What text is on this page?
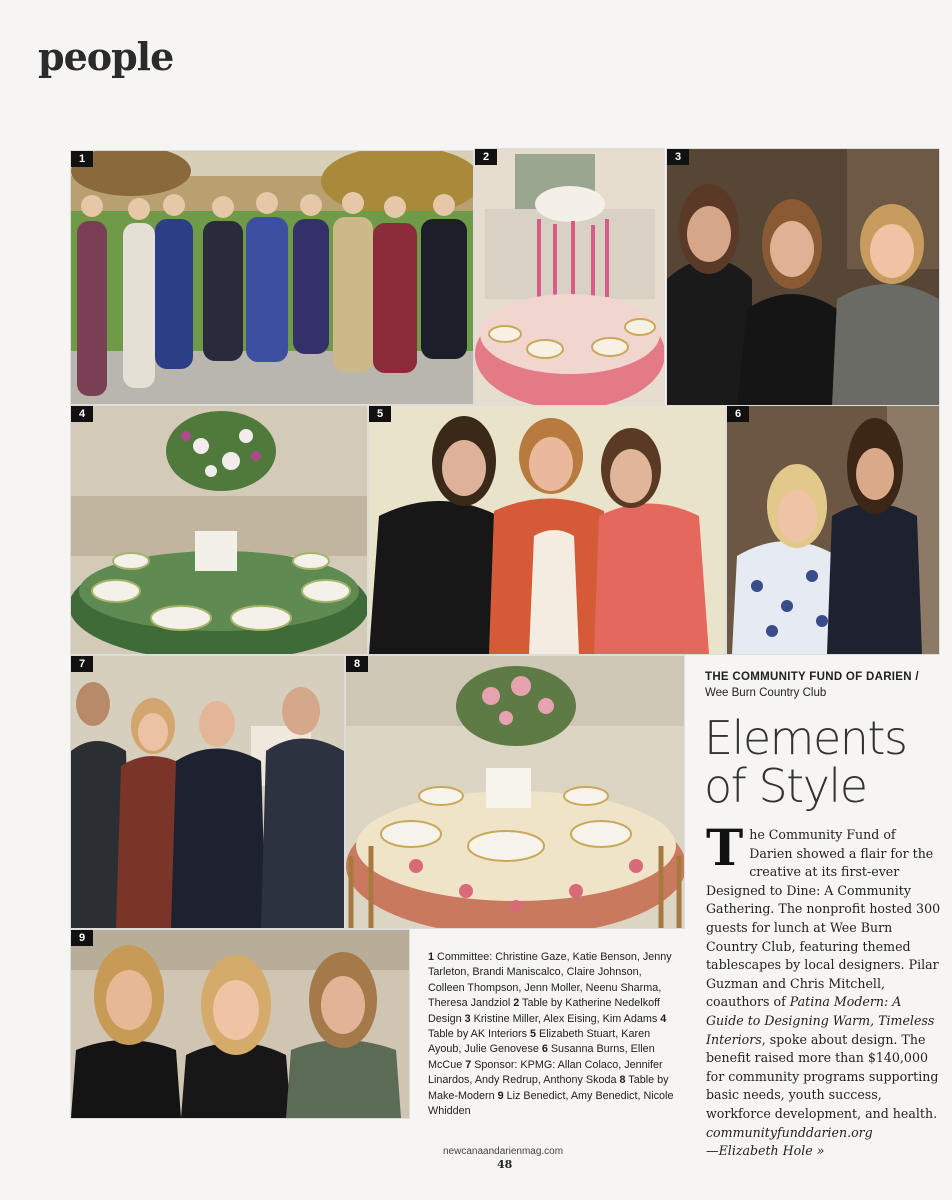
people
1	2	3
4	5	6
7	8
9
1 Committee: Christine Gaze, Katie Benson, Jenny Tarleton, Brandi Maniscalco, Claire Johnson, Colleen Thompson, Jenn Moller, Neenu Sharma, Theresa Jandziol 2 Table by Katherine Nedelkoff Design 3 Kristine Miller, Alex Eising, Kim Adams 4 Table by AK Interiors 5 Elizabeth Stuart, Karen Ayoub, Julie Genovese 6 Susanna Burns, Ellen McCue 7 Sponsor: KPMG: Allan Colaco, Jennifer Linardos, Andy Redrup, Anthony Skoda 8 Table by Make-Modern 9 Liz Benedict, Amy Benedict, Nicole Whidden
THE COMMUNITY FUND OF DARIEN /
Wee Burn Country Club
Elements
of Style
The Community Fund of Darien showed a flair for the creative at its first-ever Designed to Dine: A Community Gathering. The nonprofit hosted 300 guests for lunch at Wee Burn Country Club, featuring themed tablescapes by local designers. Pilar Guzman and Chris Mitchell, coauthors of Patina Modern: A Guide to Designing Warm, Timeless Interiors, spoke about design. The benefit raised more than $140,000 for community programs supporting basic needs, youth success, workforce development, and health. communityfunddarien.org
—Elizabeth Hole »
newcanaandarienmag.com
48
